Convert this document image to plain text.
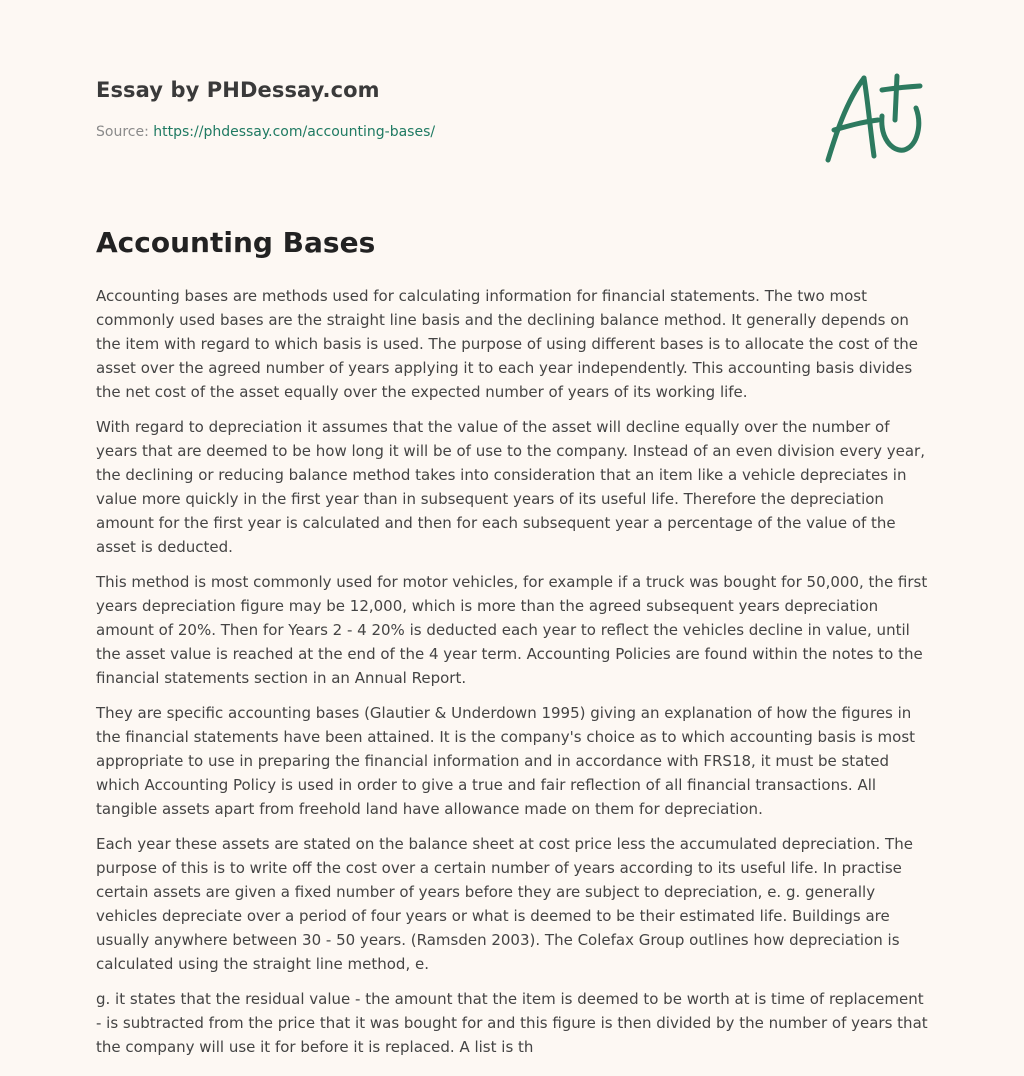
Essay by PHDessay.com
Source: https://phdessay.com/accounting-bases/
Accounting Bases

Accounting bases are methods used for calculating information for financial statements. The two most commonly used bases are the straight line basis and the declining balance method. It generally depends on the item with regard to which basis is used. The purpose of using different bases is to allocate the cost of the asset over the agreed number of years applying it to each year independently. This accounting basis divides the net cost of the asset equally over the expected number of years of its working life.

With regard to depreciation it assumes that the value of the asset will decline equally over the number of years that are deemed to be how long it will be of use to the company. Instead of an even division every year, the declining or reducing balance method takes into consideration that an item like a vehicle depreciates in value more quickly in the first year than in subsequent years of its useful life. Therefore the depreciation amount for the first year is calculated and then for each subsequent year a percentage of the value of the asset is deducted.

This method is most commonly used for motor vehicles, for example if a truck was bought for 50,000, the first years depreciation figure may be 12,000, which is more than the agreed subsequent years depreciation amount of 20%. Then for Years 2 - 4 20% is deducted each year to reflect the vehicles decline in value, until the asset value is reached at the end of the 4 year term. Accounting Policies are found within the notes to the financial statements section in an Annual Report.

They are specific accounting bases (Glautier & Underdown 1995) giving an explanation of how the figures in the financial statements have been attained. It is the company's choice as to which accounting basis is most appropriate to use in preparing the financial information and in accordance with FRS18, it must be stated which Accounting Policy is used in order to give a true and fair reflection of all financial transactions. All tangible assets apart from freehold land have allowance made on them for depreciation.

Each year these assets are stated on the balance sheet at cost price less the accumulated depreciation. The purpose of this is to write off the cost over a certain number of years according to its useful life. In practise certain assets are given a fixed number of years before they are subject to depreciation, e. g. generally vehicles depreciate over a period of four years or what is deemed to be their estimated life. Buildings are usually anywhere between 30 - 50 years. (Ramsden 2003). The Colefax Group outlines how depreciation is calculated using the straight line method, e.

g. it states that the residual value - the amount that the item is deemed to be worth at is time of replacement - is subtracted from the price that it was bought for and this figure is then divided by the number of years that the company will use it for before it is replaced. A list is th
